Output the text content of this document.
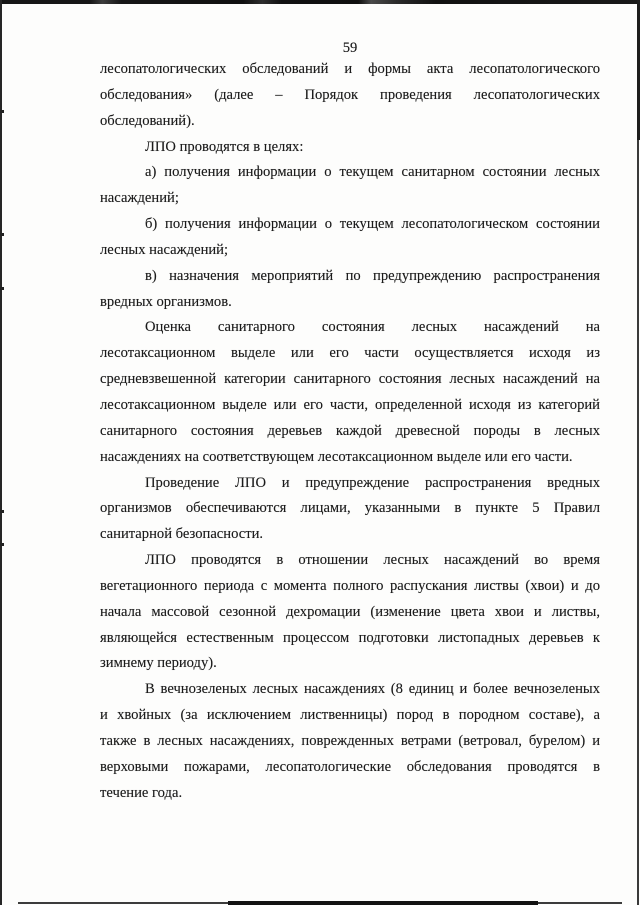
59
лесопатологических обследований и формы акта лесопатологического
обследования» (далее – Порядок проведения лесопатологических
обследований).
ЛПО проводятся в целях:
а) получения информации о текущем санитарном состоянии лесных
насаждений;
б) получения информации о текущем лесопатологическом состоянии
лесных насаждений;
в) назначения мероприятий по предупреждению распространения
вредных организмов.
Оценка санитарного состояния лесных насаждений на
лесотаксационном выделе или его части осуществляется исходя из
средневзвешенной категории санитарного состояния лесных насаждений на
лесотаксационном выделе или его части, определенной исходя из категорий
санитарного состояния деревьев каждой древесной породы в лесных
насаждениях на соответствующем лесотаксационном выделе или его части.
Проведение ЛПО и предупреждение распространения вредных
организмов обеспечиваются лицами, указанными в пункте 5 Правил
санитарной безопасности.
ЛПО проводятся в отношении лесных насаждений во время
вегетационного периода с момента полного распускания листвы (хвои) и до
начала массовой сезонной дехромации (изменение цвета хвои и листвы,
являющейся естественным процессом подготовки листопадных деревьев к
зимнему периоду).
В вечнозеленых лесных насаждениях (8 единиц и более вечнозеленых
и хвойных (за исключением лиственницы) пород в породном составе), а
также в лесных насаждениях, поврежденных ветрами (ветровал, бурелом) и
верховыми пожарами, лесопатологические обследования проводятся в
течение года.
